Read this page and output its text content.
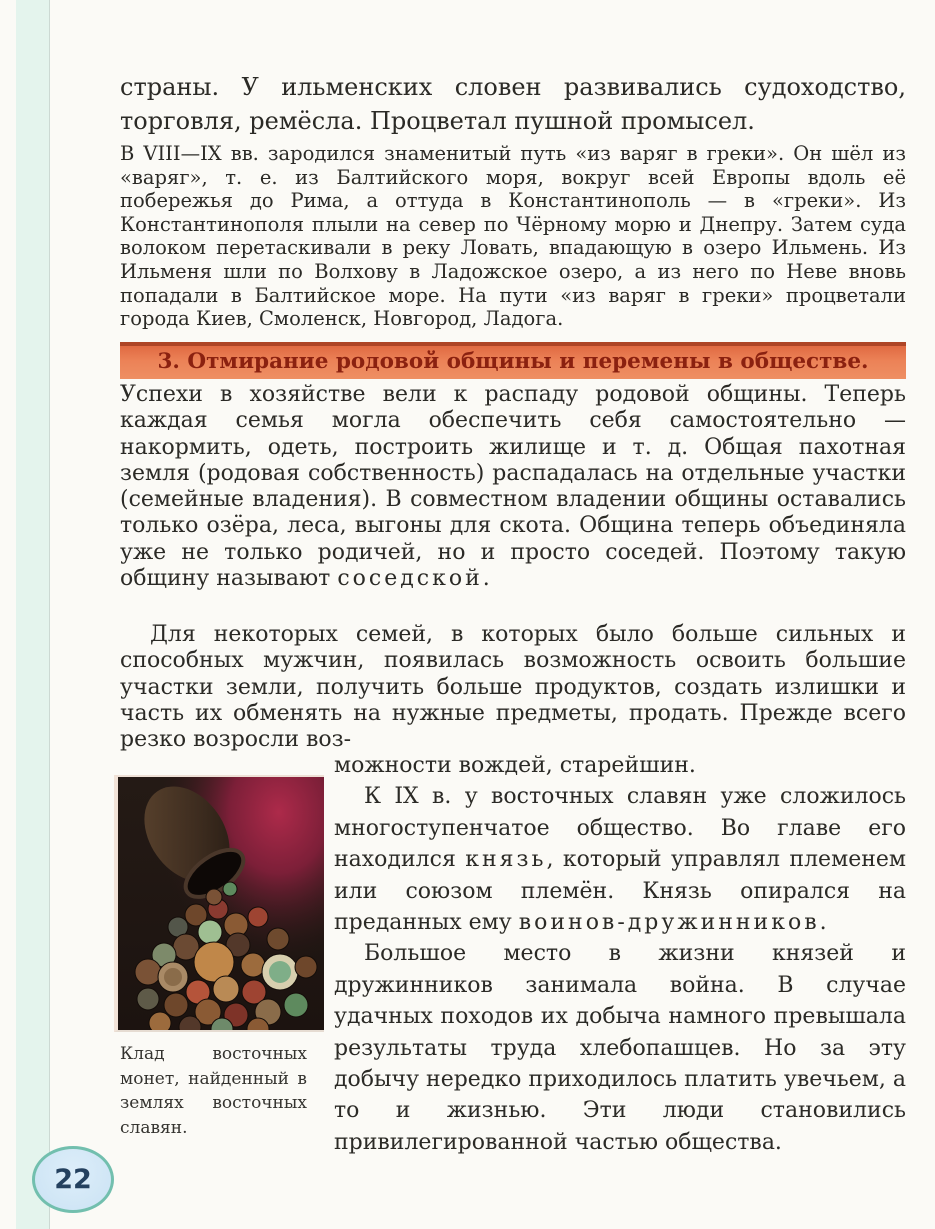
22

страны. У ильменских словен развивались судоходство, торговля, ремёсла. Процветал пушной промысел.

В VIII—IX вв. зародился знаменитый путь «из варяг в греки». Он шёл из «варяг», т. е. из Балтийского моря, вокруг всей Европы вдоль её побережья до Рима, а оттуда в Константинополь — в «греки». Из Константинополя плыли на север по Чёрному морю и Днепру. Затем суда волоком перетаскивали в реку Ловать, впадающую в озеро Ильмень. Из Ильменя шли по Волхову в Ладожское озеро, а из него по Неве вновь попадали в Балтийское море. На пути «из варяг в греки» процветали города Киев, Смоленск, Новгород, Ладога.

3. Отмирание родовой общины и перемены в обществе.

Успехи в хозяйстве вели к распаду родовой общины. Теперь каждая семья могла обеспечить себя самостоятельно — накормить, одеть, построить жилище и т. д. Общая пахотная земля (родовая собственность) распадалась на отдельные участки (семейные владения). В совместном владении общины оставались только озёра, леса, выгоны для скота. Община теперь объединяла уже не только родичей, но и просто соседей. Поэтому такую общину называют соседской.

Для некоторых семей, в которых было больше сильных и способных мужчин, появилась возможность освоить большие участки земли, получить больше продуктов, создать излишки и часть их обменять на нужные предметы, продать. Прежде всего резко возросли воз-

Клад восточных монет, найденный в землях восточных славян.

можности вождей, старейшин.

К IX в. у восточных славян уже сложилось многоступенчатое общество. Во главе его находился князь, который управлял племенем или союзом племён. Князь опирался на преданных ему воинов-дружинников.

Большое место в жизни князей и дружинников занимала война. В случае удачных походов их добыча намного превышала результаты труда хлебопашцев. Но за эту добычу нередко приходилось платить увечьем, а то и жизнью. Эти люди становились привилегированной частью общества.
